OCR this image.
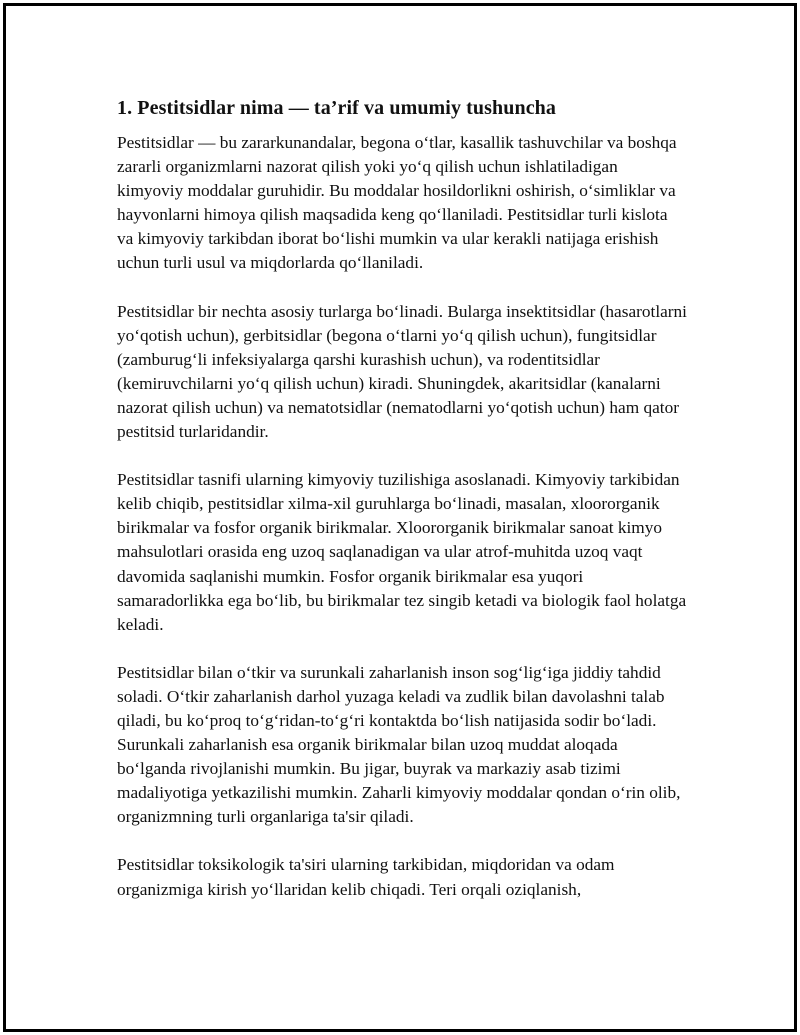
1. Pestitsidlar nima — ta’rif va umumiy tushuncha

Pestitsidlar — bu zararkunandalar, begona o‘tlar, kasallik tashuvchilar va boshqa zararli organizmlarni nazorat qilish yoki yo‘q qilish uchun ishlatiladigan kimyoviy moddalar guruhidir. Bu moddalar hosildorlikni oshirish, o‘simliklar va hayvonlarni himoya qilish maqsadida keng qo‘llaniladi. Pestitsidlar turli kislota va kimyoviy tarkibdan iborat bo‘lishi mumkin va ular kerakli natijaga erishish uchun turli usul va miqdorlarda qo‘llaniladi.

Pestitsidlar bir nechta asosiy turlarga bo‘linadi. Bularga insektitsidlar (hasarotlarni yo‘qotish uchun), gerbitsidlar (begona o‘tlarni yo‘q qilish uchun), fungitsidlar (zamburug‘li infeksiyalarga qarshi kurashish uchun), va rodentitsidlar (kemiruvchilarni yo‘q qilish uchun) kiradi. Shuningdek, akaritsidlar (kanalarni nazorat qilish uchun) va nematotsidlar (nematodlarni yo‘qotish uchun) ham qator pestitsid turlaridandir.

Pestitsidlar tasnifi ularning kimyoviy tuzilishiga asoslanadi. Kimyoviy tarkibidan kelib chiqib, pestitsidlar xilma-xil guruhlarga bo‘linadi, masalan, xloororganik birikmalar va fosfor organik birikmalar. Xloororganik birikmalar sanoat kimyo mahsulotlari orasida eng uzoq saqlanadigan va ular atrof-muhitda uzoq vaqt davomida saqlanishi mumkin. Fosfor organik birikmalar esa yuqori samaradorlikka ega bo‘lib, bu birikmalar tez singib ketadi va biologik faol holatga keladi.

Pestitsidlar bilan o‘tkir va surunkali zaharlanish inson sog‘lig‘iga jiddiy tahdid soladi. O‘tkir zaharlanish darhol yuzaga keladi va zudlik bilan davolashni talab qiladi, bu ko‘proq to‘g‘ridan-to‘g‘ri kontaktda bo‘lish natijasida sodir bo‘ladi. Surunkali zaharlanish esa organik birikmalar bilan uzoq muddat aloqada bo‘lganda rivojlanishi mumkin. Bu jigar, buyrak va markaziy asab tizimi madaliyotiga yetkazilishi mumkin. Zaharli kimyoviy moddalar qondan o‘rin olib, organizmning turli organlariga ta'sir qiladi.

Pestitsidlar toksikologik ta'siri ularning tarkibidan, miqdoridan va odam organizmiga kirish yo‘llaridan kelib chiqadi. Teri orqali oziqlanish,
